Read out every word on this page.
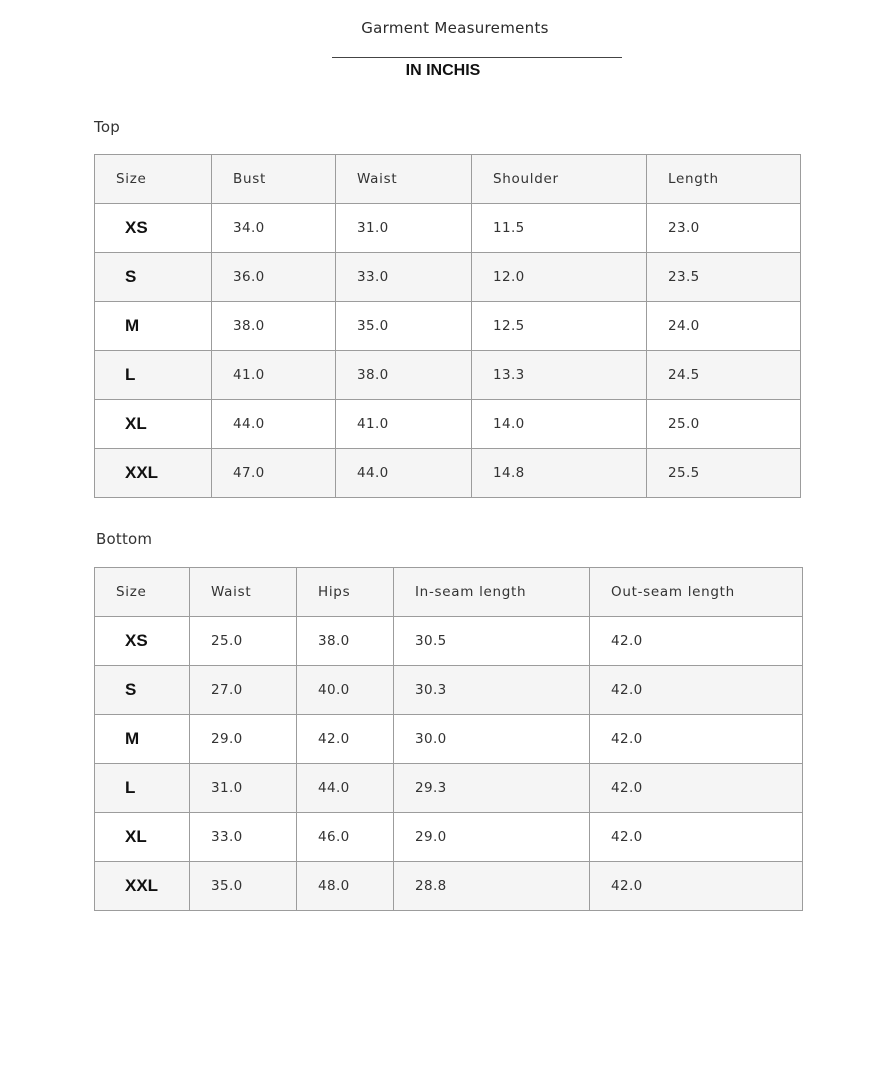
Garment Measurements
IN INCHIS
Top
Size	Bust	Waist	Shoulder	Length
XS	34.0	31.0	11.5	23.0
S	36.0	33.0	12.0	23.5
M	38.0	35.0	12.5	24.0
L	41.0	38.0	13.3	24.5
XL	44.0	41.0	14.0	25.0
XXL	47.0	44.0	14.8	25.5
Bottom
Size	Waist	Hips	In-seam length	Out-seam length
XS	25.0	38.0	30.5	42.0
S	27.0	40.0	30.3	42.0
M	29.0	42.0	30.0	42.0
L	31.0	44.0	29.3	42.0
XL	33.0	46.0	29.0	42.0
XXL	35.0	48.0	28.8	42.0
